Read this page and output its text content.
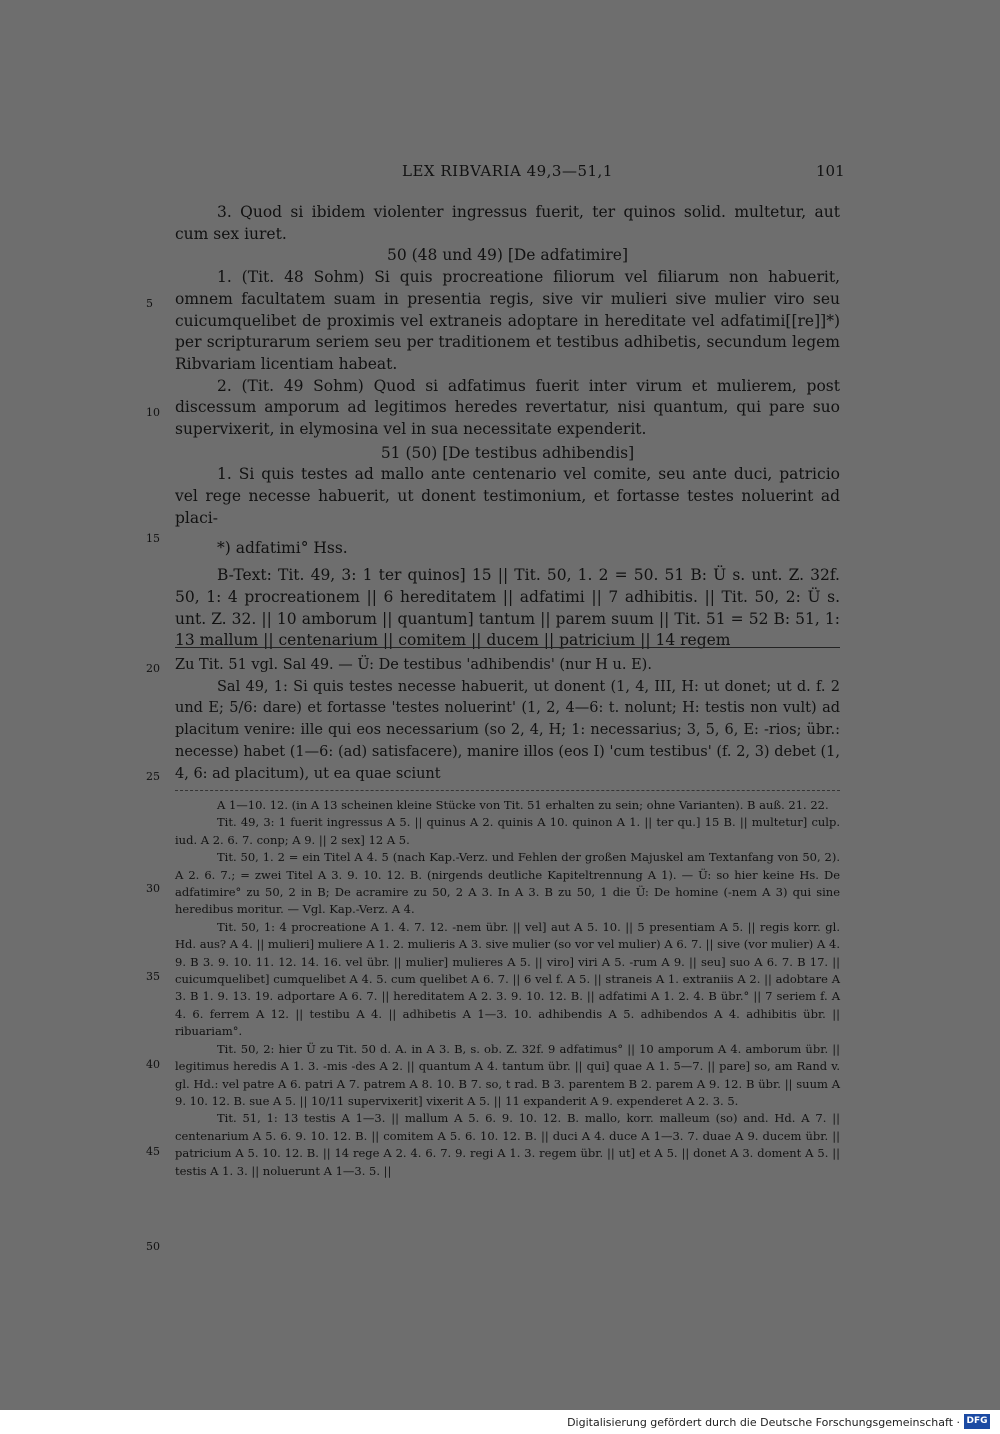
LEX RIBVARIA 49,3—51,1	101

3. Quod si ibidem violenter ingressus fuerit, ter quinos solid. multetur, aut cum sex iuret.

50 (48 und 49) [De adfatimire]

1. (Tit. 48 Sohm) Si quis procreatione filiorum vel filiarum non habuerit, omnem facultatem suam in presentia regis, sive vir mulieri sive mulier viro seu cuicumquelibet de proximis vel extraneis adoptare in hereditate vel adfatimi[[re]]*) per scripturarum seriem seu per traditionem et testibus adhibetis, secundum legem Ribvariam licentiam habeat.

2. (Tit. 49 Sohm) Quod si adfatimus fuerit inter virum et mulierem, post discessum amporum ad legitimos heredes revertatur, nisi quantum, qui pare suo supervixerit, in elymosina vel in sua necessitate expenderit.

51 (50) [De testibus adhibendis]

1. Si quis testes ad mallo ante centenario vel comite, seu ante duci, patricio vel rege necesse habuerit, ut donent testimonium, et fortasse testes noluerint ad placi-

*) adfatimi° Hss.

B-Text: Tit. 49, 3: 1 ter quinos] 15 || Tit. 50, 1. 2 = 50. 51 B: Ü s. unt. Z. 32f. 50, 1: 4 procreationem || 6 hereditatem || adfatimi || 7 adhibitis. || Tit. 50, 2: Ü s. unt. Z. 32. || 10 amborum || quantum] tantum || parem suum || Tit. 51 = 52 B: 51, 1: 13 mallum || centenarium || comitem || ducem || patricium || 14 regem

Zu Tit. 51 vgl. Sal 49. — Ü: De testibus 'adhibendis' (nur H u. E).

Sal 49, 1: Si quis testes necesse habuerit, ut donent (1, 4, III, H: ut donet; ut d. f. 2 und E; 5/6: dare) et fortasse 'testes noluerint' (1, 2, 4—6: t. nolunt; H: testis non vult) ad placitum venire: ille qui eos necessarium (so 2, 4, H; 1: necessarius; 3, 5, 6, E: -rios; übr.: necesse) habet (1—6: (ad) satisfacere), manire illos (eos I) 'cum testibus' (f. 2, 3) debet (1, 4, 6: ad placitum), ut ea quae sciunt

A 1—10. 12. (in A 13 scheinen kleine Stücke von Tit. 51 erhalten zu sein; ohne Varianten). B auß. 21. 22.

Tit. 49, 3: 1 fuerit ingressus A 5. || quinus A 2. quinis A 10. quinon A 1. || ter qu.] 15 B. || multetur] culp. iud. A 2. 6. 7. conp; A 9. || 2 sex] 12 A 5.

Tit. 50, 1. 2 = ein Titel A 4. 5 (nach Kap.-Verz. und Fehlen der großen Majuskel am Textanfang von 50, 2). A 2. 6. 7.; = zwei Titel A 3. 9. 10. 12. B. (nirgends deutliche Kapiteltrennung A 1). — Ü: so hier keine Hs. De adfatimire° zu 50, 2 in B; De acramire zu 50, 2 A 3. In A 3. B zu 50, 1 die Ü: De homine (-nem A 3) qui sine heredibus moritur. — Vgl. Kap.-Verz. A 4.

Tit. 50, 1: 4 procreatione A 1. 4. 7. 12. -nem übr. || vel] aut A 5. 10. || 5 presentiam A 5. || regis korr. gl. Hd. aus? A 4. || mulieri] muliere A 1. 2. mulieris A 3. sive mulier (so vor vel mulier) A 6. 7. || sive (vor mulier) A 4. 9. B 3. 9. 10. 11. 12. 14. 16. vel übr. || mulier] mulieres A 5. || viro] viri A 5. -rum A 9. || seu] suo A 6. 7. B 17. || cuicumquelibet] cumquelibet A 4. 5. cum quelibet A 6. 7. || 6 vel f. A 5. || straneis A 1. extraniis A 2. || adobtare A 3. B 1. 9. 13. 19. adportare A 6. 7. || hereditatem A 2. 3. 9. 10. 12. B. || adfatimi A 1. 2. 4. B übr.° || 7 seriem f. A 4. 6. ferrem A 12. || testibu A 4. || adhibetis A 1—3. 10. adhibendis A 5. adhibendos A 4. adhibitis übr. || ribuariam°.

Tit. 50, 2: hier Ü zu Tit. 50 d. A. in A 3. B, s. ob. Z. 32f. 9 adfatimus° || 10 amporum A 4. amborum übr. || legitimus heredis A 1. 3. -mis -des A 2. || quantum A 4. tantum übr. || qui] quae A 1. 5—7. || pare] so, am Rand v. gl. Hd.: vel patre A 6. patri A 7. patrem A 8. 10. B 7. so, t rad. B 3. parentem B 2. parem A 9. 12. B übr. || suum A 9. 10. 12. B. sue A 5. || 10/11 supervixerit] vixerit A 5. || 11 expanderit A 9. expenderet A 2. 3. 5.

Tit. 51, 1: 13 testis A 1—3. || mallum A 5. 6. 9. 10. 12. B. mallo, korr. malleum (so) and. Hd. A 7. || centenarium A 5. 6. 9. 10. 12. B. || comitem A 5. 6. 10. 12. B. || duci A 4. duce A 1—3. 7. duae A 9. ducem übr. || patricium A 5. 10. 12. B. || 14 rege A 2. 4. 6. 7. 9. regi A 1. 3. regem übr. || ut] et A 5. || donet A 3. doment A 5. || testis A 1. 3. || noluerunt A 1—3. 5. ||

5
10
15
20
25
30
35
40
45
50
Digitalisierung gefördert durch die Deutsche Forschungsgemeinschaft · DFG
